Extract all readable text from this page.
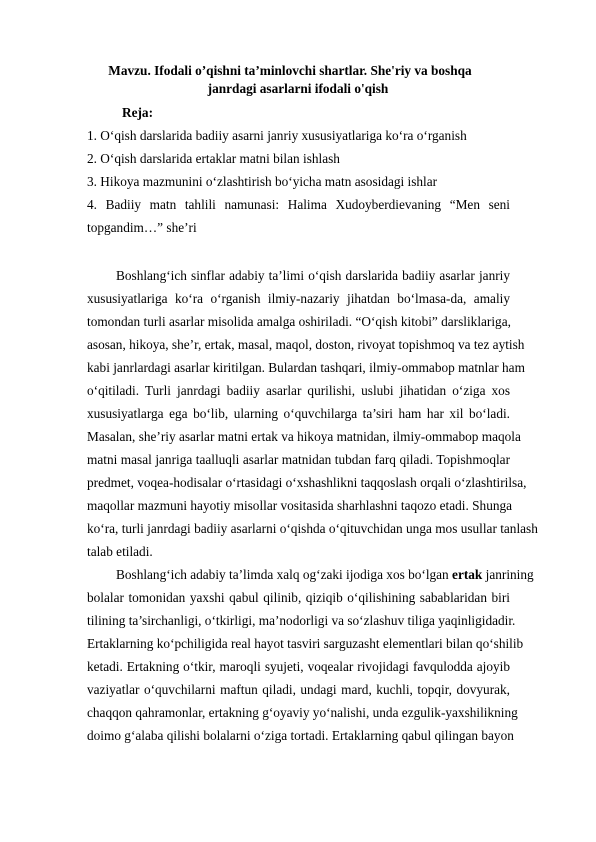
Mavzu. Ifodali o’qishni ta’minlovchi shartlar. She'riy va boshqa
janrdagi asarlarni ifodali o'qish
Reja:
1. O‘qish darslarida badiiy asarni janriy xususiyatlariga ko‘ra o‘rganish
2. O‘qish darslarida ertaklar matni bilan ishlash
3. Hikoya mazmunini o‘zlashtirish bo‘yicha matn asosidagi ishlar
4. Badiiy matn tahlili namunasi: Halima Xudoyberdievaning “Men seni
topgandim…” she’ri
Boshlang‘ich sinflar adabiy ta’limi o‘qish darslarida badiiy asarlar janriy
xususiyatlariga ko‘ra o‘rganish ilmiy-nazariy jihatdan bo‘lmasa-da, amaliy
tomondan turli asarlar misolida amalga oshiriladi. “O‘qish kitobi” darsliklariga,
asosan, hikoya, she’r, ertak, masal, maqol, doston, rivoyat topishmoq va tez aytish
kabi janrlardagi asarlar kiritilgan. Bulardan tashqari, ilmiy-ommabop matnlar ham
o‘qitiladi. Turli janrdagi badiiy asarlar qurilishi, uslubi jihatidan o‘ziga xos
xususiyatlarga ega bo‘lib, ularning o‘quvchilarga ta’siri ham har xil bo‘ladi.
Masalan, she’riy asarlar matni ertak va hikoya matnidan, ilmiy-ommabop maqola
matni masal janriga taalluqli asarlar matnidan tubdan farq qiladi. Topishmoqlar
predmet, voqea-hodisalar o‘rtasidagi o‘xshashlikni taqqoslash orqali o‘zlashtirilsa,
maqollar mazmuni hayotiy misollar vositasida sharhlashni taqozo etadi. Shunga
ko‘ra, turli janrdagi badiiy asarlarni o‘qishda o‘qituvchidan unga mos usullar tanlash
talab etiladi.
Boshlang‘ich adabiy ta’limda xalq og‘zaki ijodiga xos bo‘lgan ertak janrining
bolalar tomonidan yaxshi qabul qilinib, qiziqib o‘qilishining sabablaridan biri
tilining ta’sirchanligi, o‘tkirligi, ma’nodorligi va so‘zlashuv tiliga yaqinligidadir.
Ertaklarning ko‘pchiligida real hayot tasviri sarguzasht elementlari bilan qo‘shilib
ketadi. Ertakning o‘tkir, maroqli syujeti, voqealar rivojidagi favqulodda ajoyib
vaziyatlar o‘quvchilarni maftun qiladi, undagi mard, kuchli, topqir, dovyurak,
chaqqon qahramonlar, ertakning g‘oyaviy yo‘nalishi, unda ezgulik-yaxshilikning
doimo g‘alaba qilishi bolalarni o‘ziga tortadi. Ertaklarning qabul qilingan bayon
